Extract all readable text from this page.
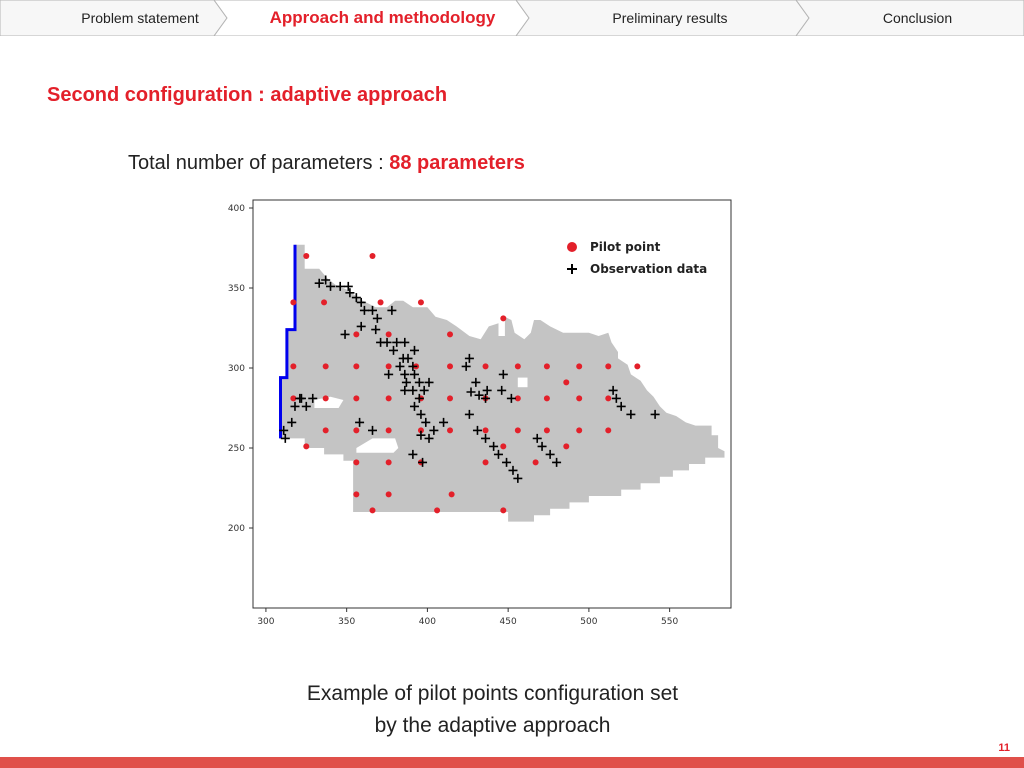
Problem statement	Approach and methodology	Preliminary results	Conclusion
Second configuration : adaptive approach
Total number of parameters : 88 parameters
300	350	400	450	500	550
200
250
300
350
400
Pilot point
Observation data
Example of pilot points configuration set
by the adaptive approach
11
